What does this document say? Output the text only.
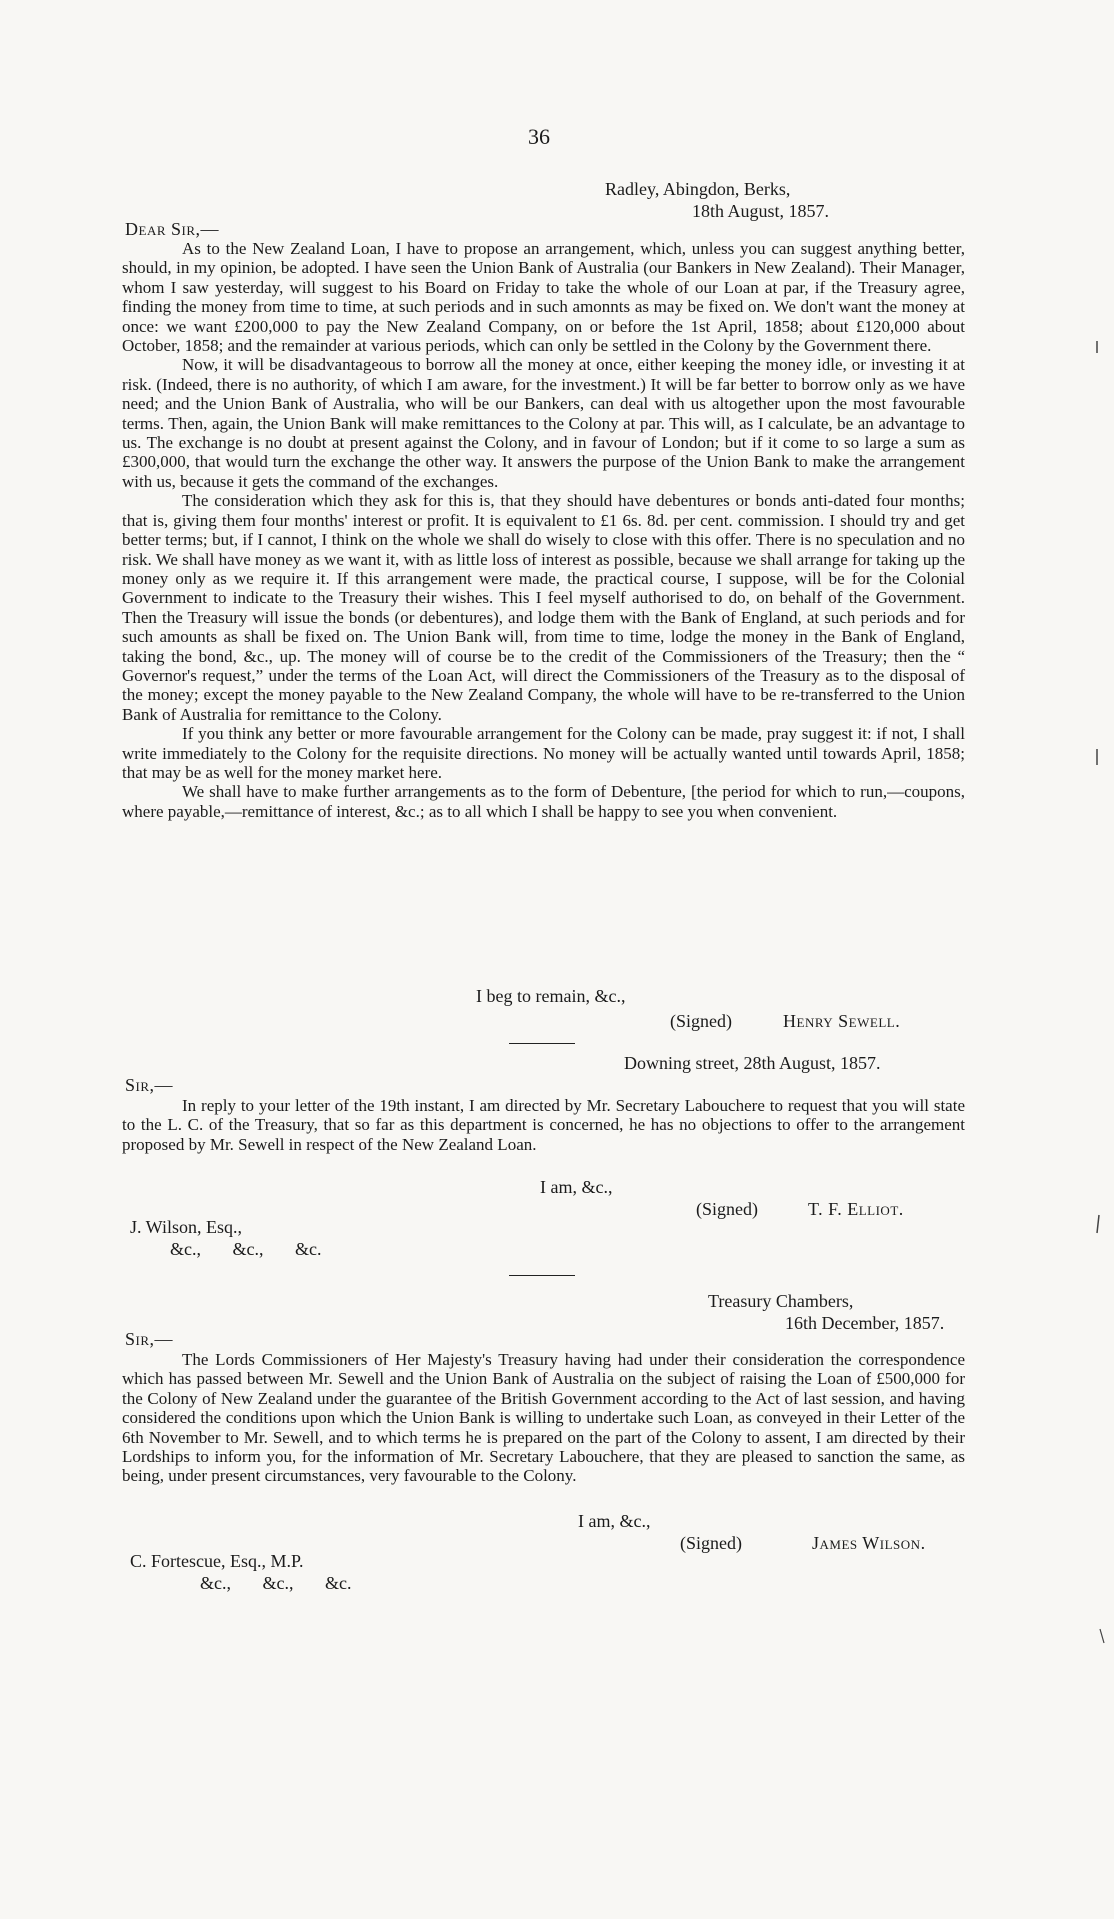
36
Radley, Abingdon, Berks,
18th August, 1857.
Dear Sir,—

As to the New Zealand Loan, I have to propose an arrangement, which, unless you can suggest anything better, should, in my opinion, be adopted. I have seen the Union Bank of Australia (our Bankers in New Zealand). Their Manager, whom I saw yesterday, will suggest to his Board on Friday to take the whole of our Loan at par, if the Treasury agree, finding the money from time to time, at such periods and in such amonnts as may be fixed on. We don't want the money at once: we want £200,000 to pay the New Zealand Company, on or before the 1st April, 1858; about £120,000 about October, 1858; and the remainder at various periods, which can only be settled in the Colony by the Government there.

Now, it will be disadvantageous to borrow all the money at once, either keeping the money idle, or investing it at risk. (Indeed, there is no authority, of which I am aware, for the investment.) It will be far better to borrow only as we have need; and the Union Bank of Australia, who will be our Bankers, can deal with us altogether upon the most favourable terms. Then, again, the Union Bank will make remittances to the Colony at par. This will, as I calculate, be an advantage to us. The exchange is no doubt at present against the Colony, and in favour of London; but if it come to so large a sum as £300,000, that would turn the exchange the other way. It answers the purpose of the Union Bank to make the arrangement with us, because it gets the command of the exchanges.

The consideration which they ask for this is, that they should have debentures or bonds anti-dated four months; that is, giving them four months' interest or profit. It is equivalent to £1 6s. 8d. per cent. commission. I should try and get better terms; but, if I cannot, I think on the whole we shall do wisely to close with this offer. There is no speculation and no risk. We shall have money as we want it, with as little loss of interest as possible, because we shall arrange for taking up the money only as we require it. If this arrangement were made, the practical course, I suppose, will be for the Colonial Government to indicate to the Treasury their wishes. This I feel myself authorised to do, on behalf of the Government. Then the Treasury will issue the bonds (or debentures), and lodge them with the Bank of England, at such periods and for such amounts as shall be fixed on. The Union Bank will, from time to time, lodge the money in the Bank of England, taking the bond, &c., up. The money will of course be to the credit of the Commissioners of the Treasury; then the “ Governor's request,” under the terms of the Loan Act, will direct the Commissioners of the Treasury as to the disposal of the money; except the money payable to the New Zealand Company, the whole will have to be re-transferred to the Union Bank of Australia for remittance to the Colony.

If you think any better or more favourable arrangement for the Colony can be made, pray suggest it: if not, I shall write immediately to the Colony for the requisite directions. No money will be actually wanted until towards April, 1858; that may be as well for the money market here.

We shall have to make further arrangements as to the form of Debenture, [the period for which to run,—coupons, where payable,—remittance of interest, &c.; as to all which I shall be happy to see you when convenient.

I beg to remain, &c.,
(Signed)	Henry Sewell.
Downing street, 28th August, 1857.
Sir,—

In reply to your letter of the 19th instant, I am directed by Mr. Secretary Labouchere to request that you will state to the L. C. of the Treasury, that so far as this department is concerned, he has no objections to offer to the arrangement proposed by Mr. Sewell in respect of the New Zealand Loan.

I am, &c.,
(Signed)	T. F. Elliot.
J. Wilson, Esq.,
&c.,       &c.,       &c.
Treasury Chambers,
16th December, 1857.
Sir,—

The Lords Commissioners of Her Majesty's Treasury having had under their consideration the correspondence which has passed between Mr. Sewell and the Union Bank of Australia on the subject of raising the Loan of £500,000 for the Colony of New Zealand under the guarantee of the British Government according to the Act of last session, and having considered the conditions upon which the Union Bank is willing to undertake such Loan, as conveyed in their Letter of the 6th November to Mr. Sewell, and to which terms he is prepared on the part of the Colony to assent, I am directed by their Lordships to inform you, for the information of Mr. Secretary Labouchere, that they are pleased to sanction the same, as being, under present circumstances, very favourable to the Colony.

I am, &c.,
(Signed)	James Wilson.
C. Fortescue, Esq., M.P.
&c.,       &c.,       &c.
